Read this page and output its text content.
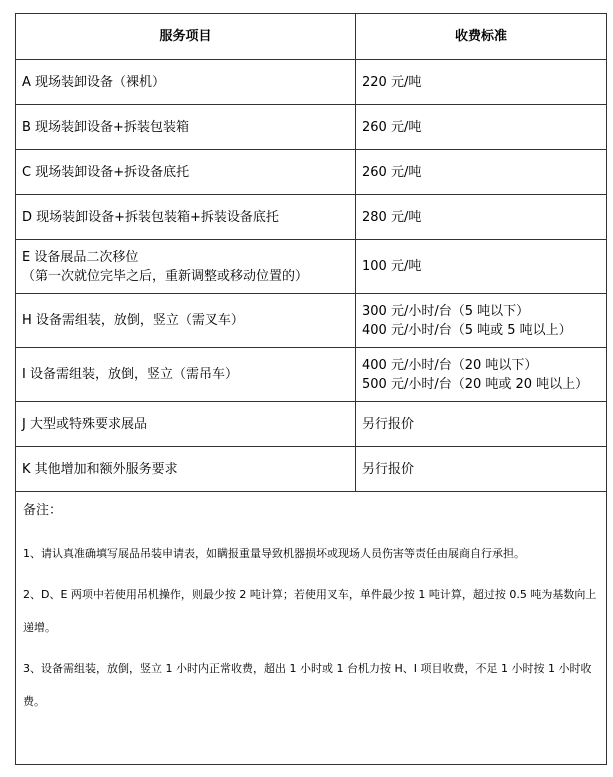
服务项目	收费标准

A 现场装卸设备（裸机）	220 元/吨

B 现场装卸设备+拆装包装箱	260 元/吨

C 现场装卸设备+拆设备底托	260 元/吨

D 现场装卸设备+拆装包装箱+拆装设备底托	280 元/吨

E 设备展品二次移位
（第一次就位完毕之后，重新调整或移动位置的）	100 元/吨

H 设备需组装，放倒，竖立（需叉车）	300 元/小时/台（5 吨以下）
400 元/小时/台（5 吨或 5 吨以上）

I 设备需组装，放倒，竖立（需吊车）	400 元/小时/台（20 吨以下）
500 元/小时/台（20 吨或 20 吨以上）

J 大型或特殊要求展品	另行报价

K 其他增加和额外服务要求	另行报价

备注：

1、请认真准确填写展品吊装申请表，如瞒报重量导致机器损坏或现场人员伤害等责任由展商自行承担。

2、D、E 两项中若使用吊机操作，则最少按 2 吨计算；若使用叉车，单件最少按 1 吨计算，超过按 0.5 吨为基数向上递增。

3、设备需组装，放倒，竖立 1 小时内正常收费，超出 1 小时或 1 台机力按 H、I 项目收费，不足 1 小时按 1 小时收费。	
